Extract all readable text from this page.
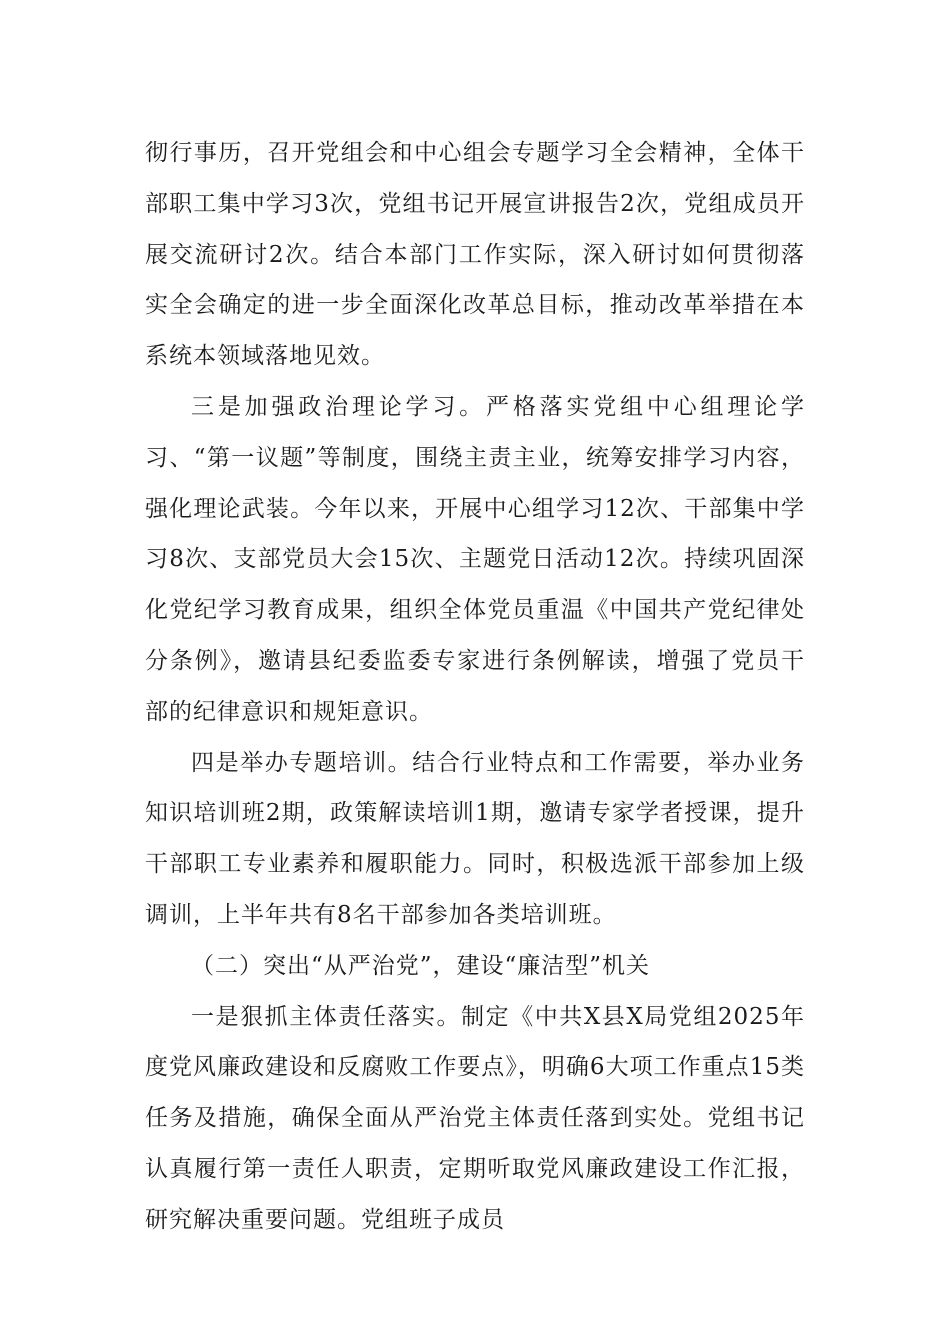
彻行事历，召开党组会和中心组会专题学习全会精神，全体干部职工集中学习3次，党组书记开展宣讲报告2次，党组成员开展交流研讨2次。结合本部门工作实际，深入研讨如何贯彻落实全会确定的进一步全面深化改革总目标，推动改革举措在本系统本领域落地见效。

三是加强政治理论学习。严格落实党组中心组理论学习、“第一议题”等制度，围绕主责主业，统筹安排学习内容，强化理论武装。今年以来，开展中心组学习12次、干部集中学习8次、支部党员大会15次、主题党日活动12次。持续巩固深化党纪学习教育成果，组织全体党员重温《中国共产党纪律处分条例》，邀请县纪委监委专家进行条例解读，增强了党员干部的纪律意识和规矩意识。

四是举办专题培训。结合行业特点和工作需要，举办业务知识培训班2期，政策解读培训1期，邀请专家学者授课，提升干部职工专业素养和履职能力。同时，积极选派干部参加上级调训，上半年共有8名干部参加各类培训班。

（二）突出“从严治党”，建设“廉洁型”机关

一是狠抓主体责任落实。制定《中共X县X局党组2025年度党风廉政建设和反腐败工作要点》，明确6大项工作重点15类任务及措施，确保全面从严治党主体责任落到实处。党组书记认真履行第一责任人职责，定期听取党风廉政建设工作汇报，研究解决重要问题。党组班子成员
